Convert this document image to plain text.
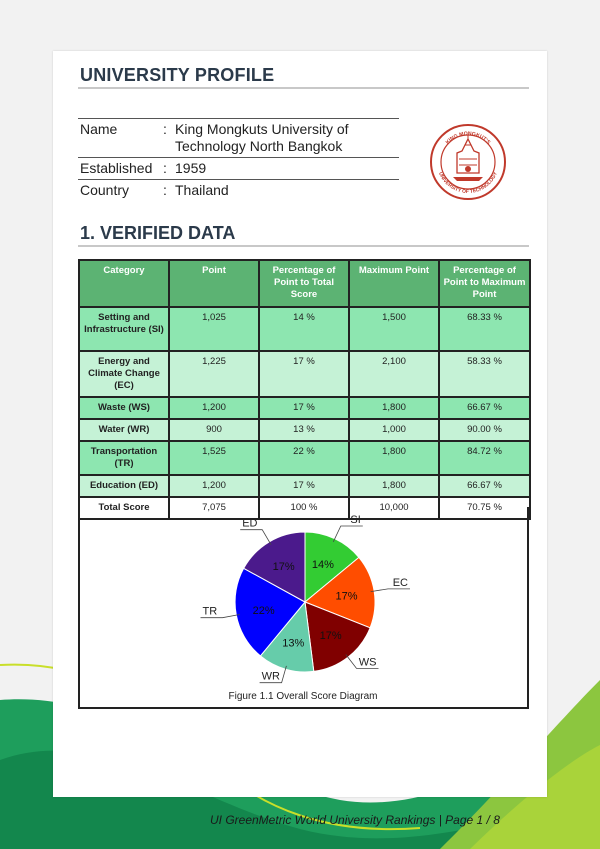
UNIVERSITY PROFILE
Name	: King Mongkuts University of
Technology North Bangkok
Established : 1959
Country : Thailand
KING MONGKUT'S
UNIVERSITY OF TECHNOLOGY
1. VERIFIED DATA
Category	Point	Percentage of Point to Total Score	Maximum Point	Percentage of Point to Maximum Point
Setting and Infrastructure (SI)	1,025	14 %	1,500	68.33 %
Energy and Climate Change (EC)	1,225	17 %	2,100	58.33 %
Waste (WS)	1,200	17 %	1,800	66.67 %
Water (WR)	900	13 %	1,000	90.00 %
Transportation (TR)	1,525	22 %	1,800	84.72 %
Education (ED)	1,200	17 %	1,800	66.67 %
Total Score	7,075	100 %	10,000	70.75 %
14%
SI
17%
EC
17%
WS
13%
WR
22%
TR
17%
ED
Figure 1.1 Overall Score Diagram
UI GreenMetric World University Rankings | Page 1 / 8
